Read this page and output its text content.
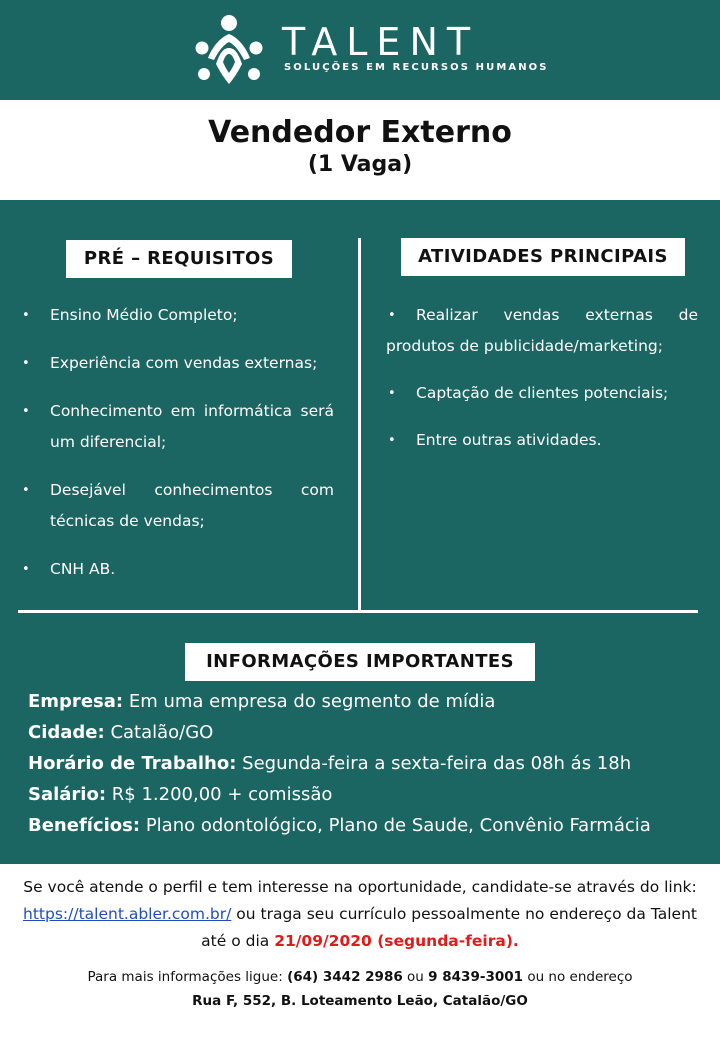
TALENT
SOLUÇÕES EM RECURSOS HUMANOS
Vendedor Externo

(1 Vaga)

PRÉ – REQUISITOS	ATIVIDADES PRINCIPAIS
• Ensino Médio Completo;
• Experiência com vendas externas;
• Conhecimento em informática será um diferencial;
• Desejável conhecimentos com técnicas de vendas;
• CNH AB.
• Realizar vendas externas de produtos de publicidade/marketing;
• Captação de clientes potenciais;
• Entre outras atividades.
INFORMAÇÕES IMPORTANTES
Empresa: Em uma empresa do segmento de mídia
Cidade: Catalão/GO
Horário de Trabalho: Segunda-feira a sexta-feira das 08h ás 18h
Salário: R$ 1.200,00 + comissão
Benefícios: Plano odontológico, Plano de Saude, Convênio Farmácia

Se você atende o perfil e tem interesse na oportunidade, candidate-se através do link: https://talent.abler.com.br/ ou traga seu currículo pessoalmente no endereço da Talent até o dia 21/09/2020 (segunda-feira).

Para mais informações ligue: (64) 3442 2986 ou 9 8439-3001 ou no endereço
Rua F, 552, B. Loteamento Leão, Catalão/GO
